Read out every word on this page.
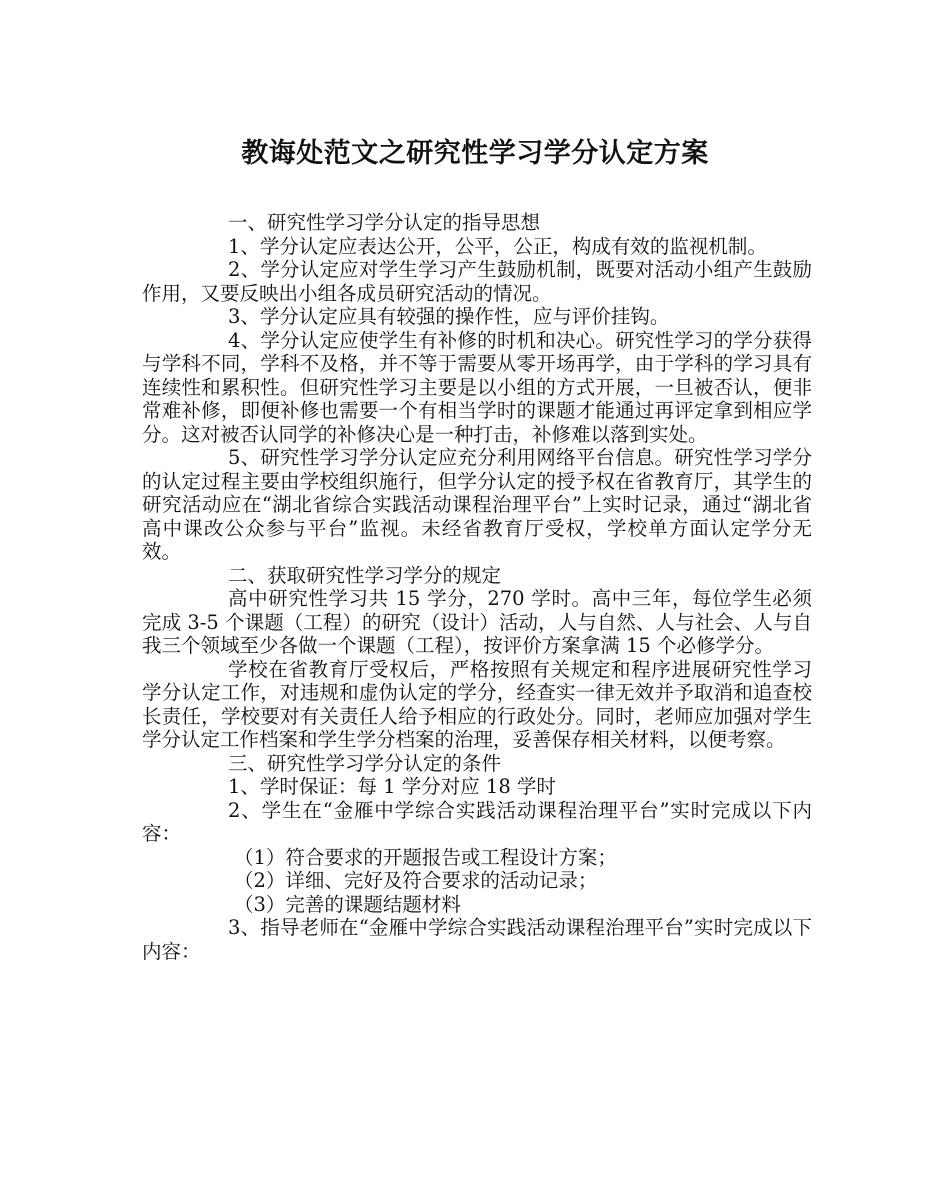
教诲处范文之研究性学习学分认定方案

一、研究性学习学分认定的指导思想

1、学分认定应表达公开，公平，公正，构成有效的监视机制。

2、学分认定应对学生学习产生鼓励机制，既要对活动小组产生鼓励作用，又要反映出小组各成员研究活动的情况。

3、学分认定应具有较强的操作性，应与评价挂钩。

4、学分认定应使学生有补修的时机和决心。研究性学习的学分获得与学科不同，学科不及格，并不等于需要从零开场再学，由于学科的学习具有连续性和累积性。但研究性学习主要是以小组的方式开展，一旦被否认，便非常难补修，即便补修也需要一个有相当学时的课题才能通过再评定拿到相应学分。这对被否认同学的补修决心是一种打击，补修难以落到实处。

5、研究性学习学分认定应充分利用网络平台信息。研究性学习学分的认定过程主要由学校组织施行，但学分认定的授予权在省教育厅，其学生的研究活动应在“湖北省综合实践活动课程治理平台”上实时记录，通过“湖北省高中课改公众参与平台”监视。未经省教育厅受权，学校单方面认定学分无效。

二、获取研究性学习学分的规定

高中研究性学习共 15 学分，270 学时。高中三年，每位学生必须完成 3-5 个课题（工程）的研究（设计）活动，人与自然、人与社会、人与自我三个领域至少各做一个课题（工程），按评价方案拿满 15 个必修学分。

学校在省教育厅受权后，严格按照有关规定和程序进展研究性学习学分认定工作，对违规和虚伪认定的学分，经查实一律无效并予取消和追查校长责任，学校要对有关责任人给予相应的行政处分。同时，老师应加强对学生学分认定工作档案和学生学分档案的治理，妥善保存相关材料，以便考察。

三、研究性学习学分认定的条件

1、学时保证：每 1 学分对应 18 学时

2、学生在“金雁中学综合实践活动课程治理平台”实时完成以下内容：

（1）符合要求的开题报告或工程设计方案；

（2）详细、完好及符合要求的活动记录；

（3）完善的课题结题材料

3、指导老师在“金雁中学综合实践活动课程治理平台”实时完成以下内容：
